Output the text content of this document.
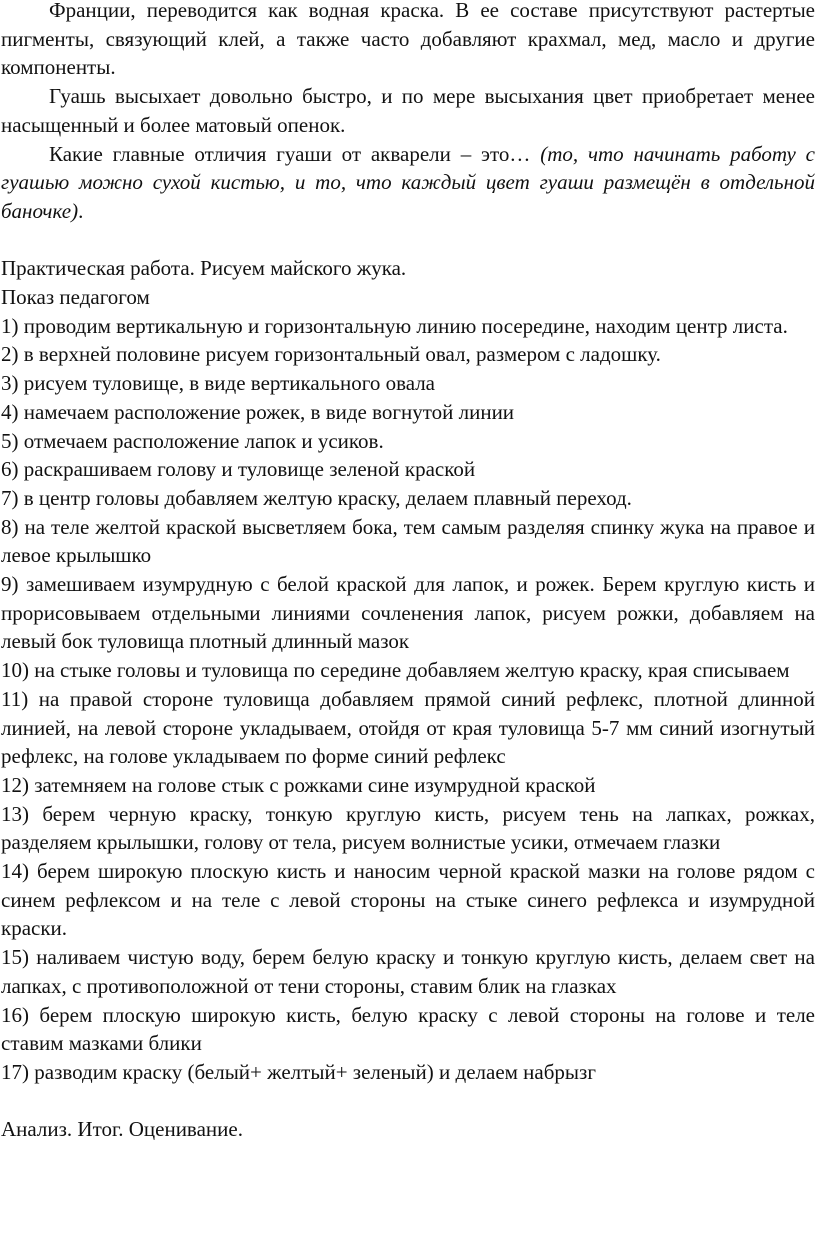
Франции, переводится как водная краска. В ее составе присутствуют растертые пигменты, связующий клей, а также часто добавляют крахмал, мед, масло и другие компоненты.

Гуашь высыхает довольно быстро, и по мере высыхания цвет приобретает менее насыщенный и более матовый опенок.

Какие главные отличия гуаши от акварели – это… (то, что начинать работу с гуашью можно сухой кистью, и то, что каждый цвет гуаши размещён в отдельной баночке).

Практическая работа. Рисуем майского жука.

Показ педагогом

1) проводим вертикальную и горизонтальную линию посередине, находим центр листа.

2) в верхней половине рисуем горизонтальный овал, размером с ладошку.

3) рисуем туловище, в виде вертикального овала

4) намечаем расположение рожек, в виде вогнутой линии

5) отмечаем расположение лапок и усиков.

6) раскрашиваем голову и туловище зеленой краской

7) в центр головы добавляем желтую краску, делаем плавный переход.

8) на теле желтой краской высветляем бока, тем самым разделяя спинку жука на правое и левое крылышко

9) замешиваем изумрудную с белой краской для лапок, и рожек. Берем круглую кисть и прорисовываем отдельными линиями сочленения лапок, рисуем рожки, добавляем на левый бок туловища плотный длинный мазок

10) на стыке головы и туловища по середине добавляем желтую краску, края списываем

11) на правой стороне туловища добавляем прямой синий рефлекс, плотной длинной линией, на левой стороне укладываем, отойдя от края туловища 5-7 мм синий изогнутый рефлекс, на голове укладываем по форме синий рефлекс

12) затемняем на голове стык с рожками сине изумрудной краской

13) берем черную краску, тонкую круглую кисть, рисуем тень на лапках, рожках, разделяем крылышки, голову от тела, рисуем волнистые усики, отмечаем глазки

14) берем широкую плоскую кисть и наносим черной краской мазки на голове рядом с синем рефлексом и на теле с левой стороны на стыке синего рефлекса и изумрудной краски.

15) наливаем чистую воду, берем белую краску и тонкую круглую кисть, делаем свет на лапках, с противоположной от тени стороны, ставим блик на глазках

16) берем плоскую широкую кисть, белую краску с левой стороны на голове и теле ставим мазками блики

17) разводим краску (белый+ желтый+ зеленый) и делаем набрызг

Анализ. Итог. Оценивание.
